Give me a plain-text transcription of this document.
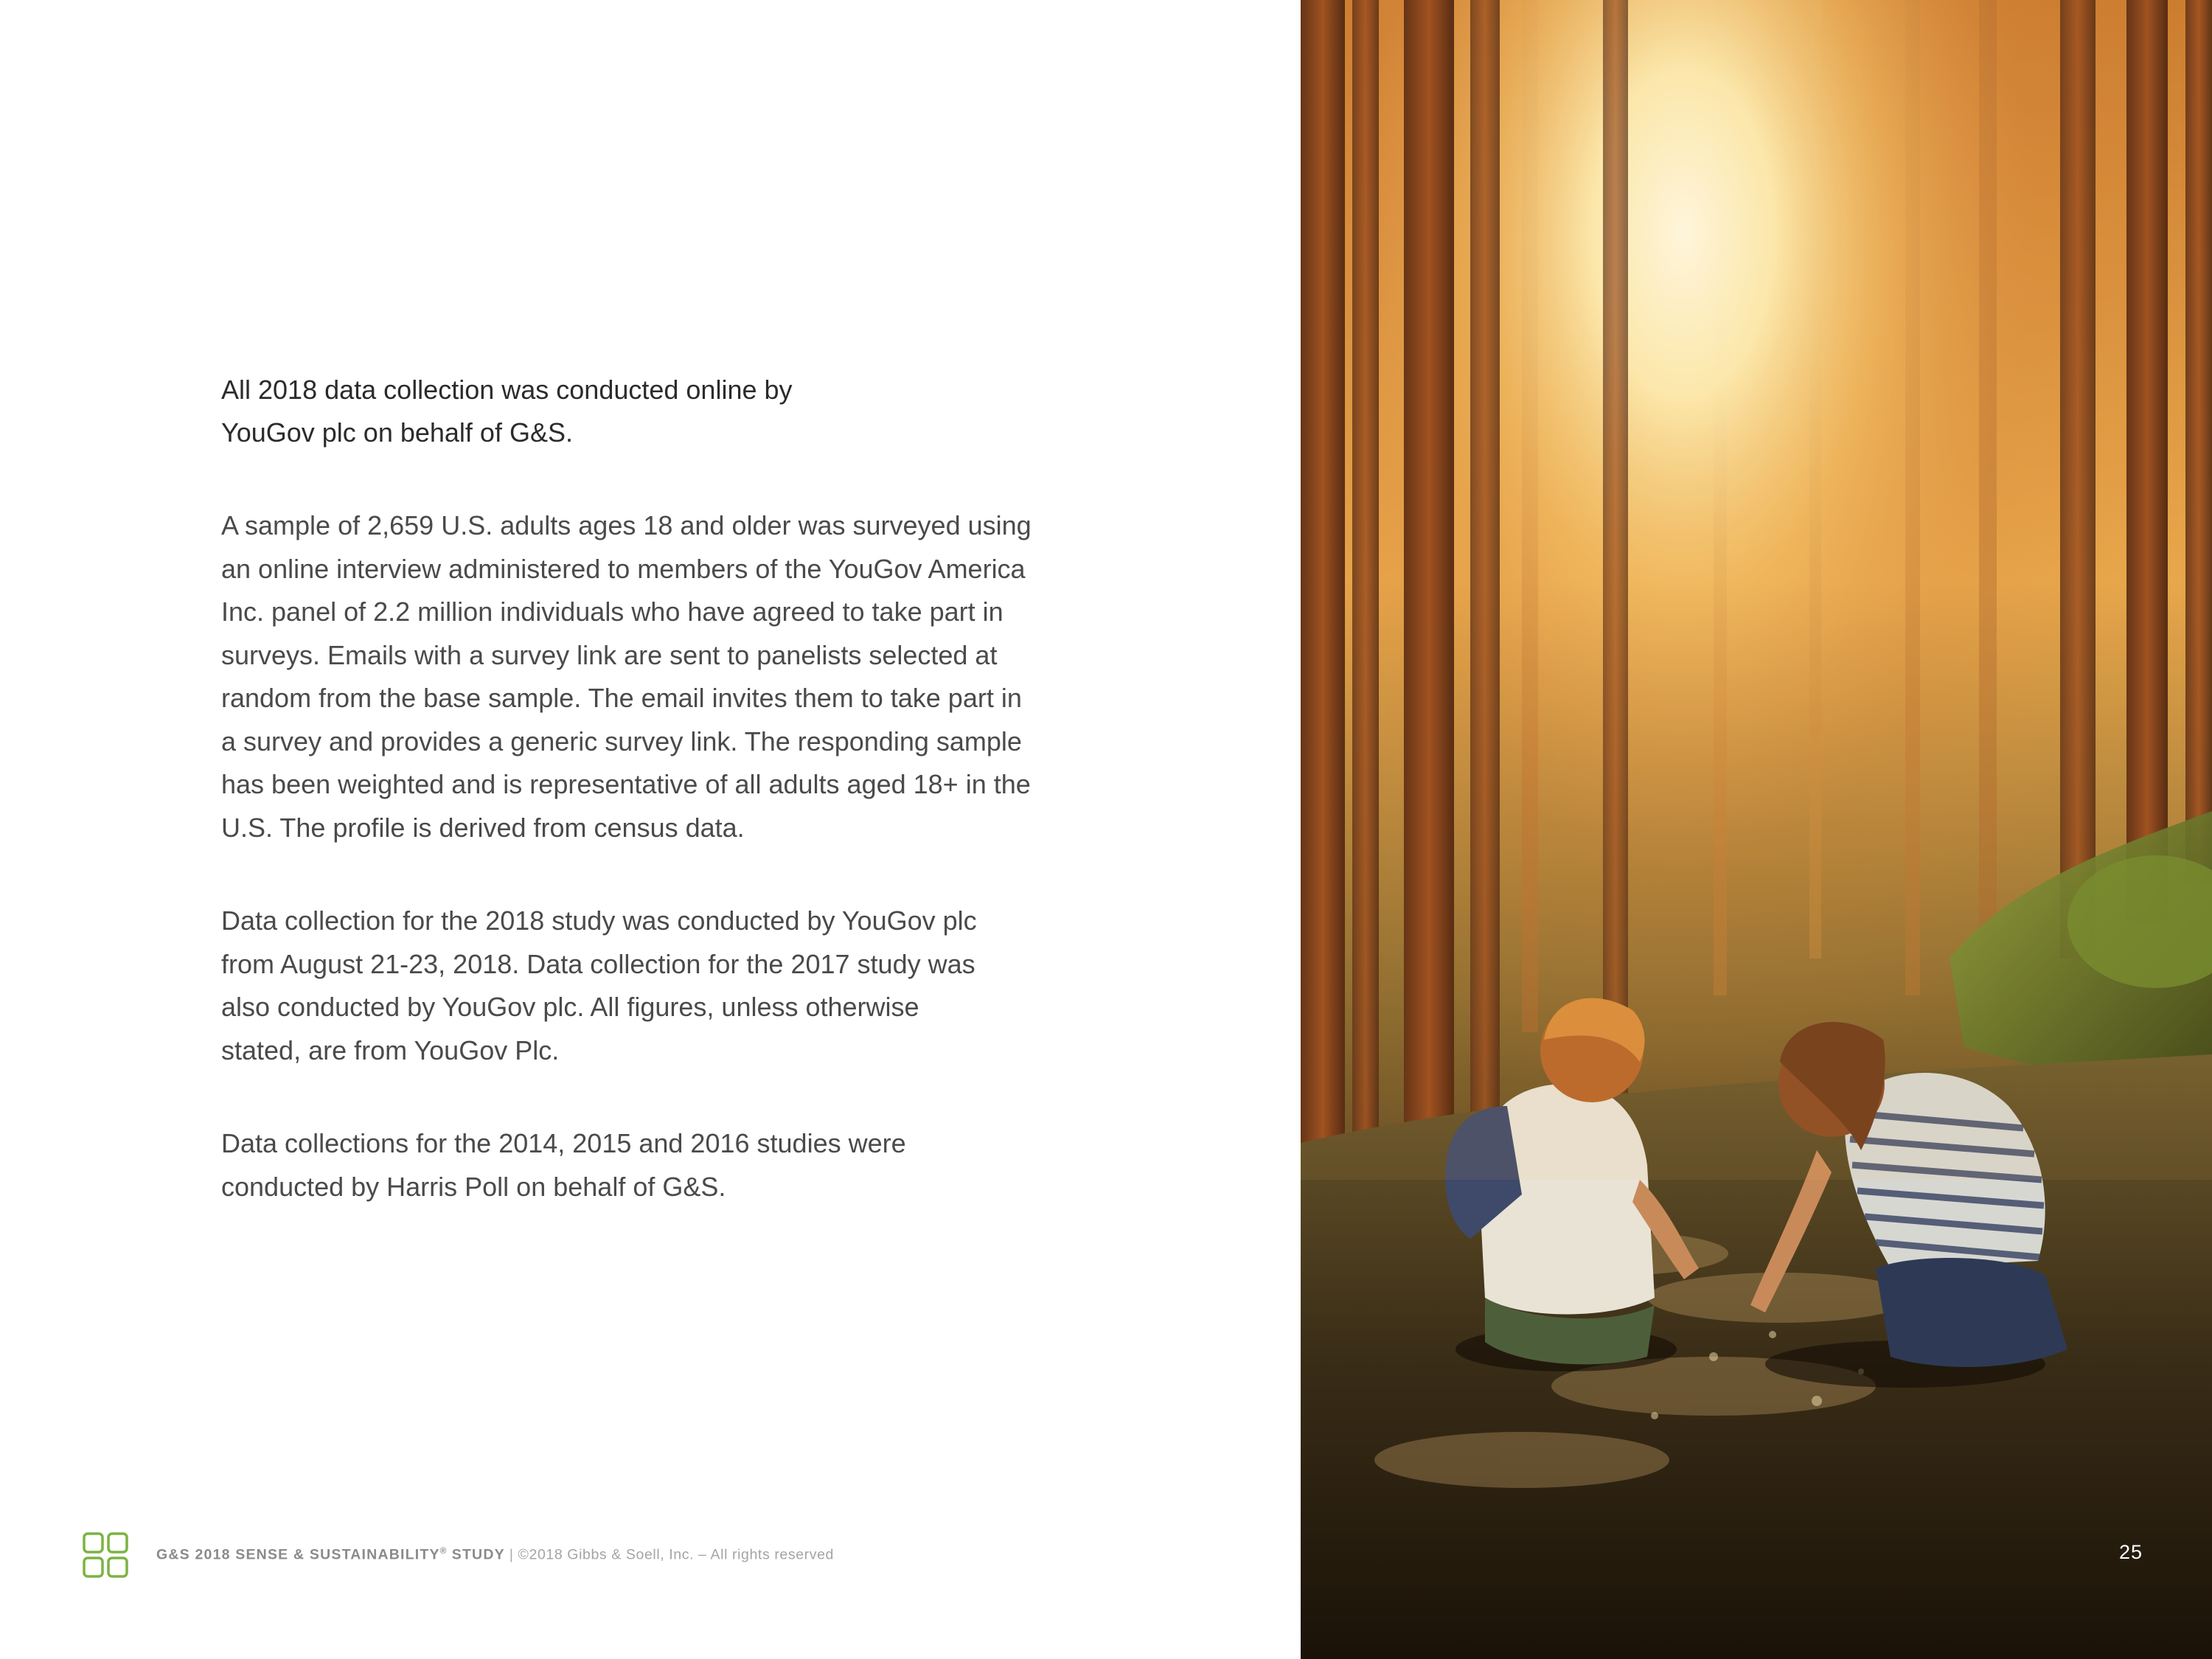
All 2018 data collection was conducted online by YouGov plc on behalf of G&S.

A sample of 2,659 U.S. adults ages 18 and older was surveyed using an online interview administered to members of the YouGov America Inc. panel of 2.2 million individuals who have agreed to take part in surveys. Emails with a survey link are sent to panelists selected at random from the base sample. The email invites them to take part in a survey and provides a generic survey link. The responding sample has been weighted and is representative of all adults aged 18+ in the U.S. The profile is derived from census data.

Data collection for the 2018 study was conducted by YouGov plc from August 21-23, 2018. Data collection for the 2017 study was also conducted by YouGov plc. All figures, unless otherwise stated, are from YouGov Plc.

Data collections for the 2014, 2015 and 2016 studies were conducted by Harris Poll on behalf of G&S.

G&S 2018 SENSE & SUSTAINABILITY® STUDY | ©2018 Gibbs & Soell, Inc. – All rights reserved	25
